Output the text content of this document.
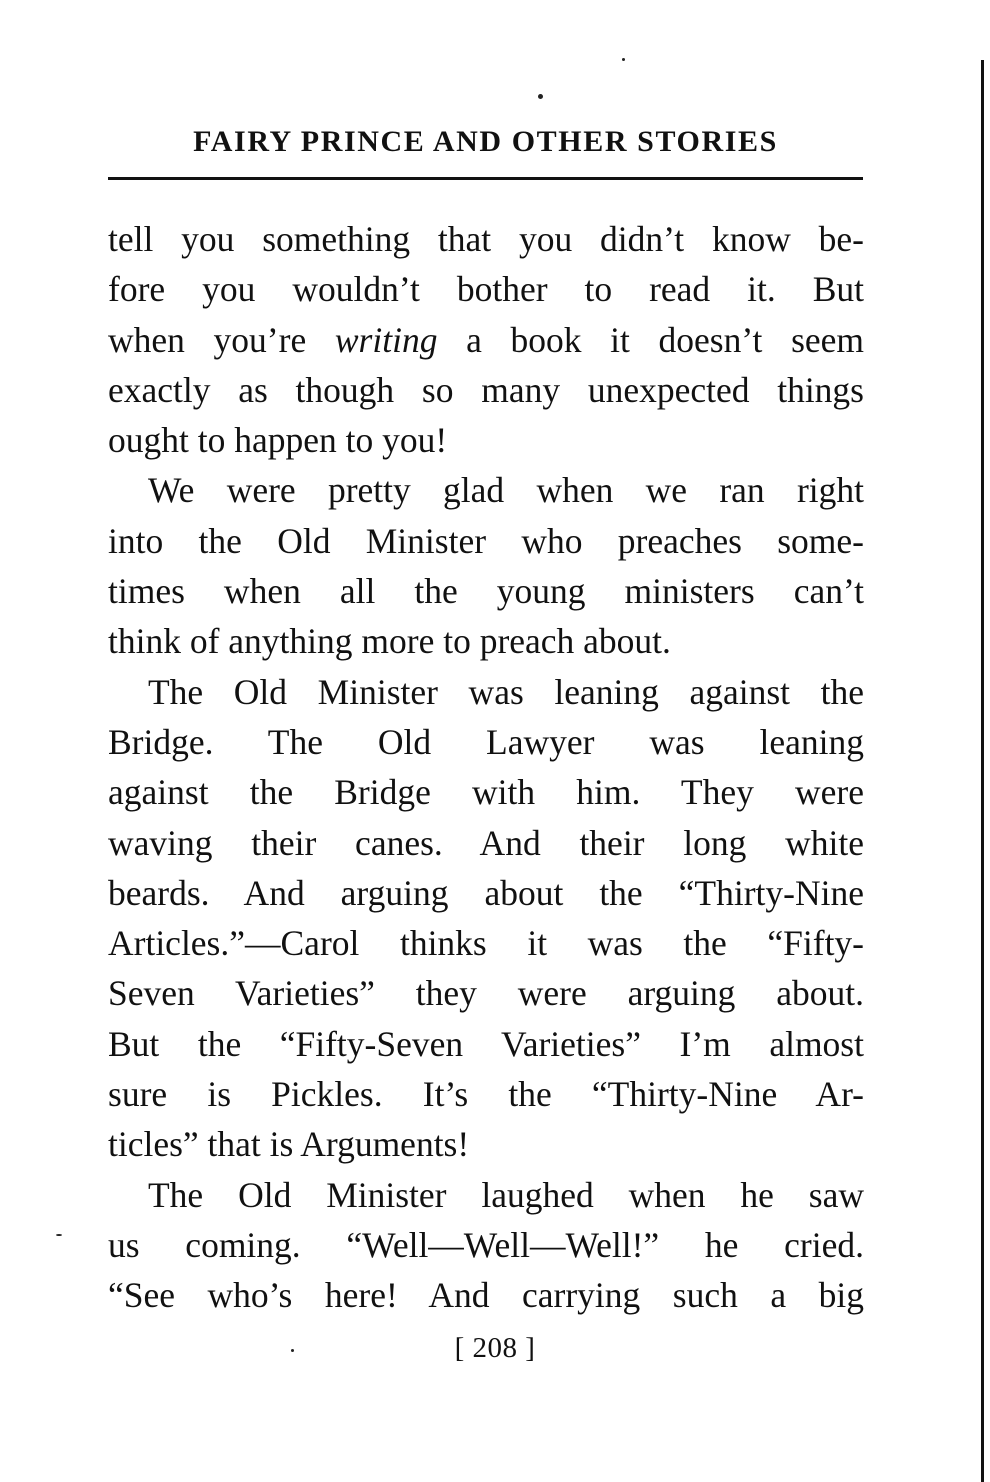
FAIRY PRINCE AND OTHER STORIES
tell you something that you didn’t know be-
fore you wouldn’t bother to read it. But
when you’re writing a book it doesn’t seem
exactly as though so many unexpected things
ought to happen to you!
We were pretty glad when we ran right
into the Old Minister who preaches some-
times when all the young ministers can’t
think of anything more to preach about.
The Old Minister was leaning against the
Bridge. The Old Lawyer was leaning
against the Bridge with him. They were
waving their canes. And their long white
beards. And arguing about the “Thirty-Nine
Articles.”—Carol thinks it was the “Fifty-
Seven Varieties” they were arguing about.
But the “Fifty-Seven Varieties” I’m almost
sure is Pickles. It’s the “Thirty-Nine Ar-
ticles” that is Arguments!
The Old Minister laughed when he saw
us coming. “Well—Well—Well!” he cried.
“See who’s here! And carrying such a big
[ 208 ]
